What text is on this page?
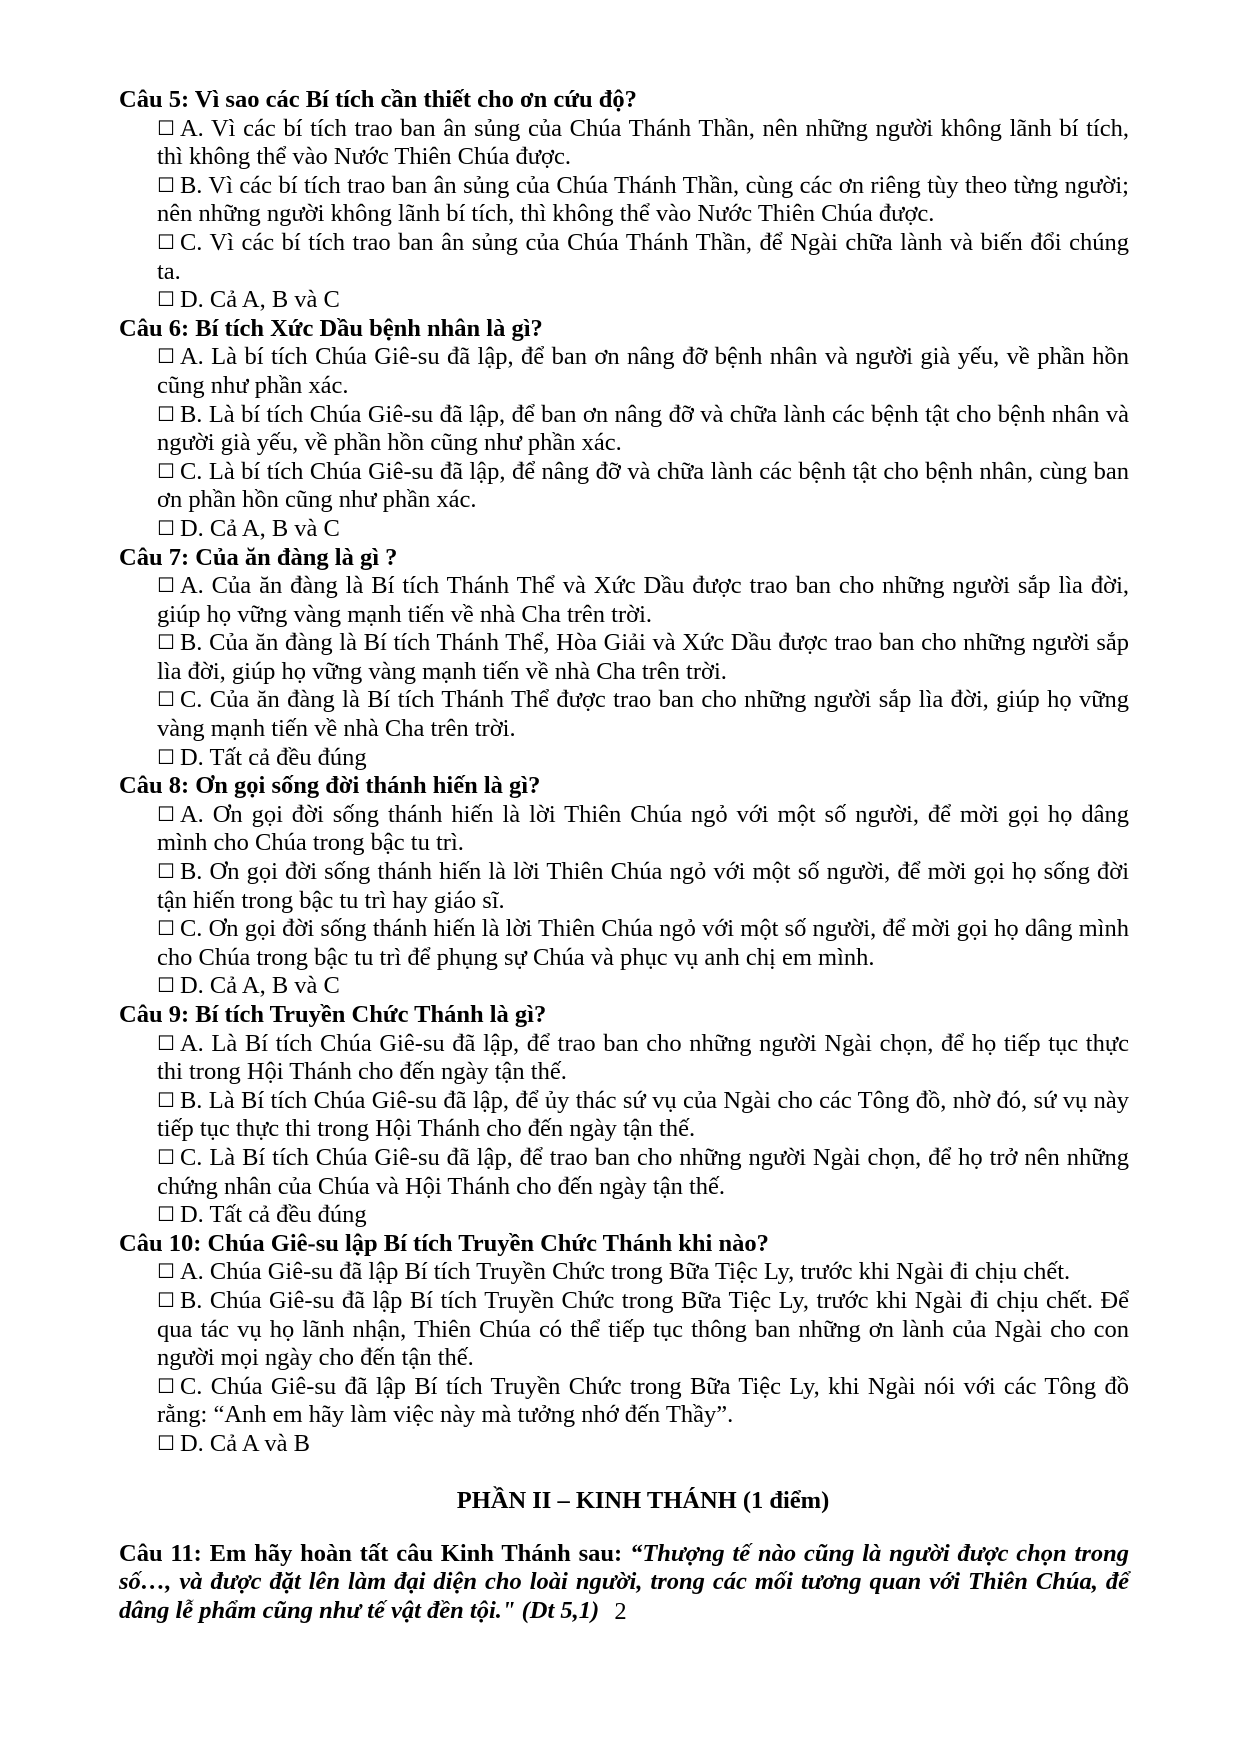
Câu 5: Vì sao các Bí tích cần thiết cho ơn cứu độ?

☐ A. Vì các bí tích trao ban ân sủng của Chúa Thánh Thần, nên những người không lãnh bí tích, thì không thể vào Nước Thiên Chúa được.

☐ B. Vì các bí tích trao ban ân sủng của Chúa Thánh Thần, cùng các ơn riêng tùy theo từng người; nên những người không lãnh bí tích, thì không thể vào Nước Thiên Chúa được.

☐ C. Vì các bí tích trao ban ân sủng của Chúa Thánh Thần, để Ngài chữa lành và biến đổi chúng ta.

☐ D. Cả A, B và C

Câu 6: Bí tích Xức Dầu bệnh nhân là gì?

☐ A. Là bí tích Chúa Giê-su đã lập, để ban ơn nâng đỡ bệnh nhân và người già yếu, về phần hồn cũng như phần xác.

☐ B. Là bí tích Chúa Giê-su đã lập, để ban ơn nâng đỡ và chữa lành các bệnh tật cho bệnh nhân và người già yếu, về phần hồn cũng như phần xác.

☐ C. Là bí tích Chúa Giê-su đã lập, để nâng đỡ và chữa lành các bệnh tật cho bệnh nhân, cùng ban ơn phần hồn cũng như phần xác.

☐ D. Cả A, B và C

Câu 7: Của ăn đàng là gì ?

☐ A. Của ăn đàng là Bí tích Thánh Thể và Xức Dầu được trao ban cho những người sắp lìa đời, giúp họ vững vàng mạnh tiến về nhà Cha trên trời.

☐ B. Của ăn đàng là Bí tích Thánh Thể, Hòa Giải và Xức Dầu được trao ban cho những người sắp lìa đời, giúp họ vững vàng mạnh tiến về nhà Cha trên trời.

☐ C. Của ăn đàng là Bí tích Thánh Thể được trao ban cho những người sắp lìa đời, giúp họ vững vàng mạnh tiến về nhà Cha trên trời.

☐ D. Tất cả đều đúng

Câu 8: Ơn gọi sống đời thánh hiến là gì?

☐ A. Ơn gọi đời sống thánh hiến là lời Thiên Chúa ngỏ với một số người, để mời gọi họ dâng mình cho Chúa trong bậc tu trì.

☐ B. Ơn gọi đời sống thánh hiến là lời Thiên Chúa ngỏ với một số người, để mời gọi họ sống đời tận hiến trong bậc tu trì hay giáo sĩ.

☐ C. Ơn gọi đời sống thánh hiến là lời Thiên Chúa ngỏ với một số người, để mời gọi họ dâng mình cho Chúa trong bậc tu trì để phụng sự Chúa và phục vụ anh chị em mình.

☐ D. Cả A, B và C

Câu 9: Bí tích Truyền Chức Thánh là gì?

☐ A. Là Bí tích Chúa Giê-su đã lập, để trao ban cho những người Ngài chọn, để họ tiếp tục thực thi trong Hội Thánh cho đến ngày tận thế.

☐ B. Là Bí tích Chúa Giê-su đã lập, để ủy thác sứ vụ của Ngài cho các Tông đồ, nhờ đó, sứ vụ này tiếp tục thực thi trong Hội Thánh cho đến ngày tận thế.

☐ C. Là Bí tích Chúa Giê-su đã lập, để trao ban cho những người Ngài chọn, để họ trở nên những chứng nhân của Chúa và Hội Thánh cho đến ngày tận thế.

☐ D. Tất cả đều đúng

Câu 10: Chúa Giê-su lập Bí tích Truyền Chức Thánh khi nào?

☐ A. Chúa Giê-su đã lập Bí tích Truyền Chức trong Bữa Tiệc Ly, trước khi Ngài đi chịu chết.

☐ B. Chúa Giê-su đã lập Bí tích Truyền Chức trong Bữa Tiệc Ly, trước khi Ngài đi chịu chết. Để qua tác vụ họ lãnh nhận, Thiên Chúa có thể tiếp tục thông ban những ơn lành của Ngài cho con người mọi ngày cho đến tận thế.

☐ C. Chúa Giê-su đã lập Bí tích Truyền Chức trong Bữa Tiệc Ly, khi Ngài nói với các Tông đồ rằng: “Anh em hãy làm việc này mà tưởng nhớ đến Thầy”.

☐ D. Cả A và B

PHẦN II – KINH THÁNH (1 điểm)

Câu 11: Em hãy hoàn tất câu Kinh Thánh sau: “Thượng tế nào cũng là người được chọn trong số…, và được đặt lên làm đại diện cho loài người, trong các mối tương quan với Thiên Chúa, để dâng lễ phẩm cũng như tế vật đền tội." (Dt 5,1) 2
